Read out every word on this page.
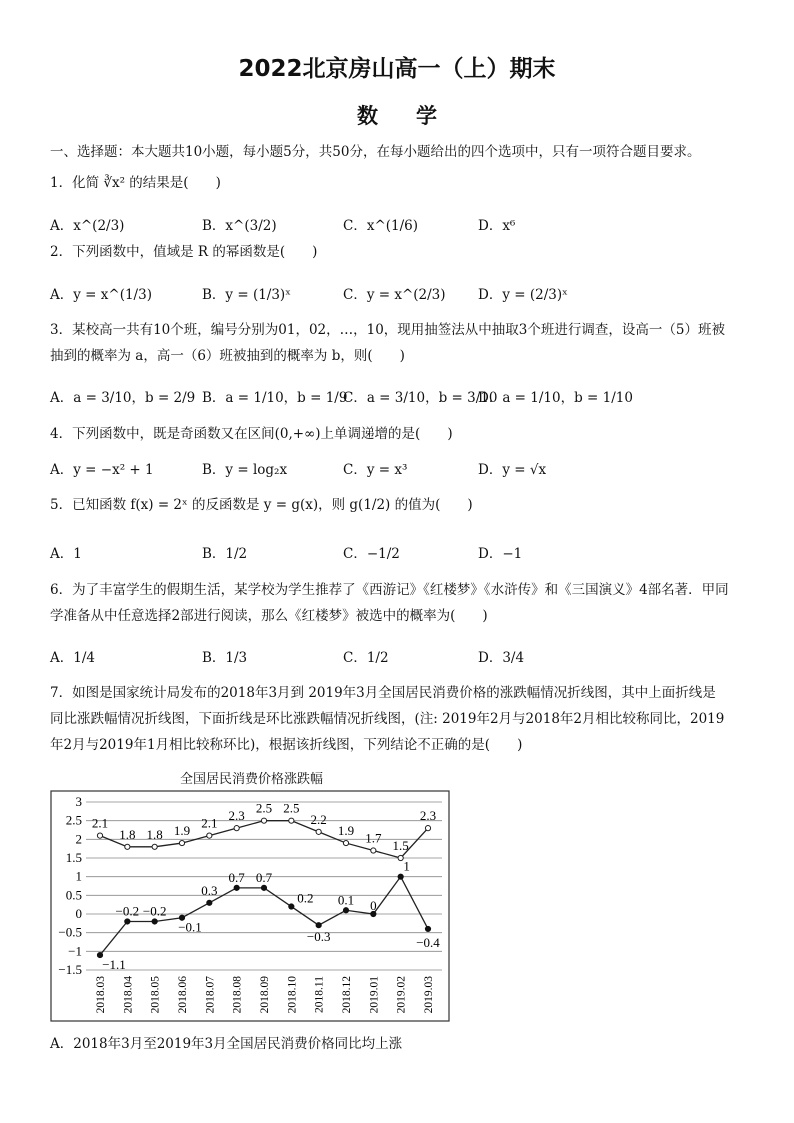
2022北京房山高一（上）期末
数学
一、选择题：本大题共10小题，每小题5分，共50分，在每小题给出的四个选项中，只有一项符合题目要求。
1．化简 ∛x² 的结果是(　　)
A．x^(2/3)	B．x^(3/2)	C．x^(1/6)	D．x⁶
2．下列函数中，值域是 R 的幂函数是(　　)
A．y = x^(1/3)	B．y = (1/3)ˣ	C．y = x^(2/3) D．y = (2/3)ˣ
3．某校高一共有10个班，编号分别为01，02，…，10，现用抽签法从中抽取3个班进行调查，设高一（5）班被
抽到的概率为 a，高一（6）班被抽到的概率为 b，则(　　)
A．a = 3/10，b = 2/9 B．a = 1/10，b = 1/9
C．a = 3/10，b = 3/10
D．a = 1/10，b = 1/10
4．下列函数中，既是奇函数又在区间(0,+∞)上单调递增的是(　　)
A．y = −x² + 1	B．y = log₂x	C．y = x³	D．y = √x
5．已知函数 f(x) = 2ˣ 的反函数是 y = g(x)，则 g(1/2) 的值为(　　)
A．1	B．1/2	C．−1/2	D．−1
6．为了丰富学生的假期生活，某学校为学生推荐了《西游记》《红楼梦》《水浒传》和《三国演义》4部名著．甲同
学准备从中任意选择2部进行阅读，那么《红楼梦》被选中的概率为(　　)
A．1/4	B．1/3	C．1/2	D．3/4
7．如图是国家统计局发布的2018年3月到 2019年3月全国居民消费价格的涨跌幅情况折线图，其中上面折线是
同比涨跌幅情况折线图，下面折线是环比涨跌幅情况折线图，(注: 2019年2月与2018年2月相比较称同比，2019
年2月与2019年1月相比较称环比)，根据该折线图，下列结论不正确的是(　　)
全国居民消费价格涨跌幅
3
2.5
2
1.5
1
0.5
0
−0.5
−1
−1.5
2018.03 2018.04 2018.05 2018.06 2018.07 2018.08 2018.09 2018.10 2018.11 2018.12 2019.01 2019.02 2019.03
2.1
1.8 1.8 1.9 2.1 2.3 2.5 2.5
2.2
1.9 1.7 1.5
2.3
−1.1
−0.2 −0.2
−0.1
0.3
0.7 0.7
0.2
−0.3
0.1 0
1
−0.4
A．2018年3月至2019年3月全国居民消费价格同比均上涨
